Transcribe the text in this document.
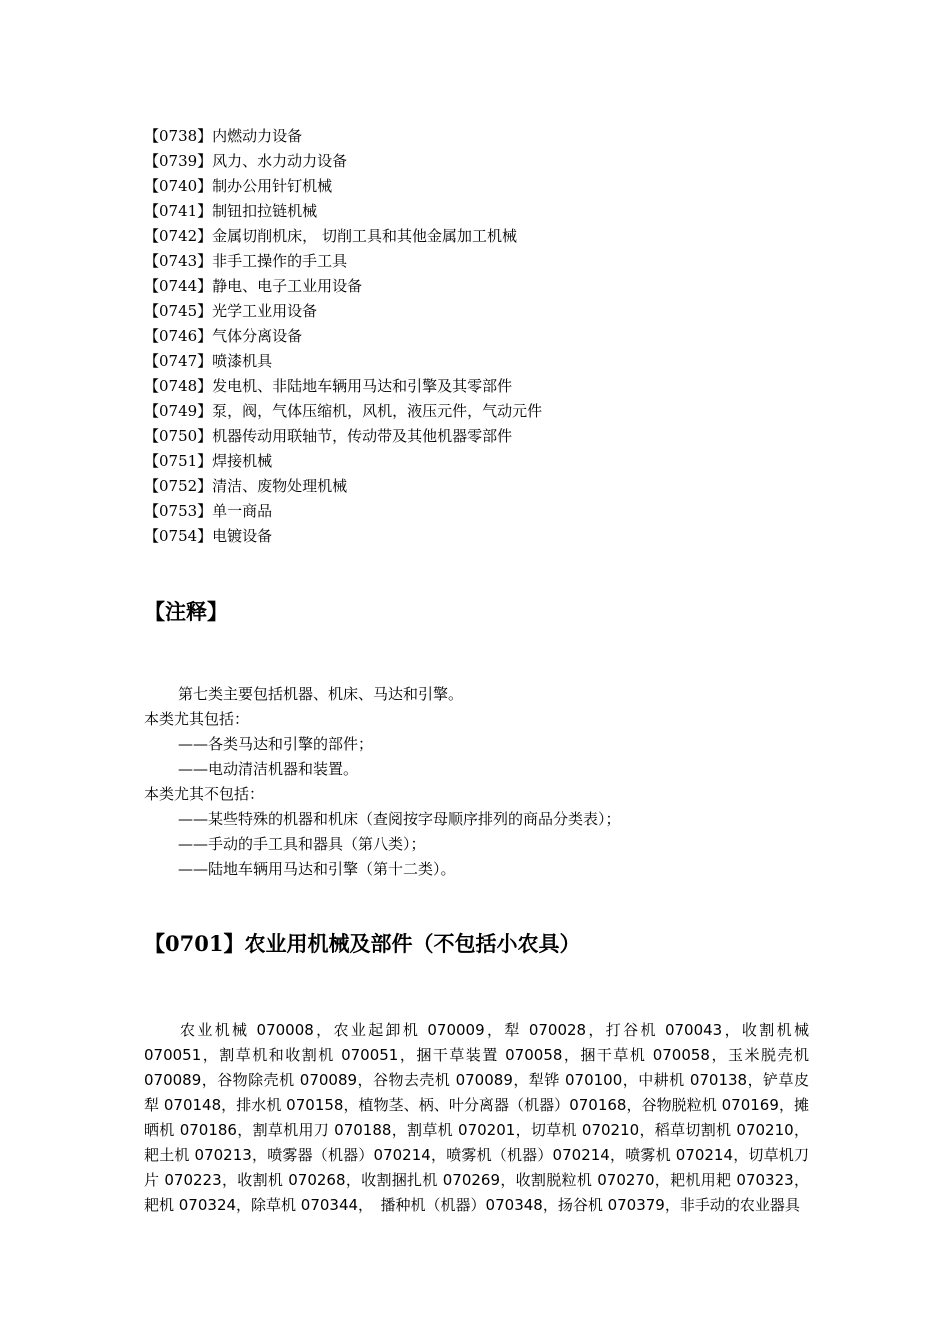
【0738】内燃动力设备
【0739】风力、水力动力设备
【0740】制办公用针钉机械
【0741】制钮扣拉链机械
【0742】金属切削机床， 切削工具和其他金属加工机械
【0743】非手工操作的手工具
【0744】静电、电子工业用设备
【0745】光学工业用设备
【0746】气体分离设备
【0747】喷漆机具
【0748】发电机、非陆地车辆用马达和引擎及其零部件
【0749】泵，阀，气体压缩机，风机，液压元件，气动元件
【0750】机器传动用联轴节，传动带及其他机器零部件
【0751】焊接机械
【0752】清洁、废物处理机械
【0753】单一商品
【0754】电镀设备
【注释】
第七类主要包括机器、机床、马达和引擎。
本类尤其包括：
——各类马达和引擎的部件；
——电动清洁机器和装置。
本类尤其不包括：
——某些特殊的机器和机床（查阅按字母顺序排列的商品分类表）；
——手动的手工具和器具（第八类）；
——陆地车辆用马达和引擎（第十二类）。
【0701】农业用机械及部件（不包括小农具）
农业机械 070008，农业起卸机 070009，犁 070028，打谷机 070043，收割机械 070051，割草机和收割机 070051，捆干草装置 070058，捆干草机 070058，玉米脱壳机 070089，谷物除壳机 070089，谷物去壳机 070089，犁铧 070100，中耕机 070138，铲草皮犁 070148，排水机 070158，植物茎、柄、叶分离器（机器）070168，谷物脱粒机 070169，摊晒机 070186，割草机用刀 070188，割草机 070201，切草机 070210，稻草切割机 070210，耙土机 070213，喷雾器（机器）070214，喷雾机（机器）070214，喷雾机 070214，切草机刀片 070223，收割机 070268，收割捆扎机 070269，收割脱粒机 070270，耙机用耙 070323，耙机 070324，除草机 070344，　播种机（机器）070348，扬谷机 070379，非手动的农业器具
